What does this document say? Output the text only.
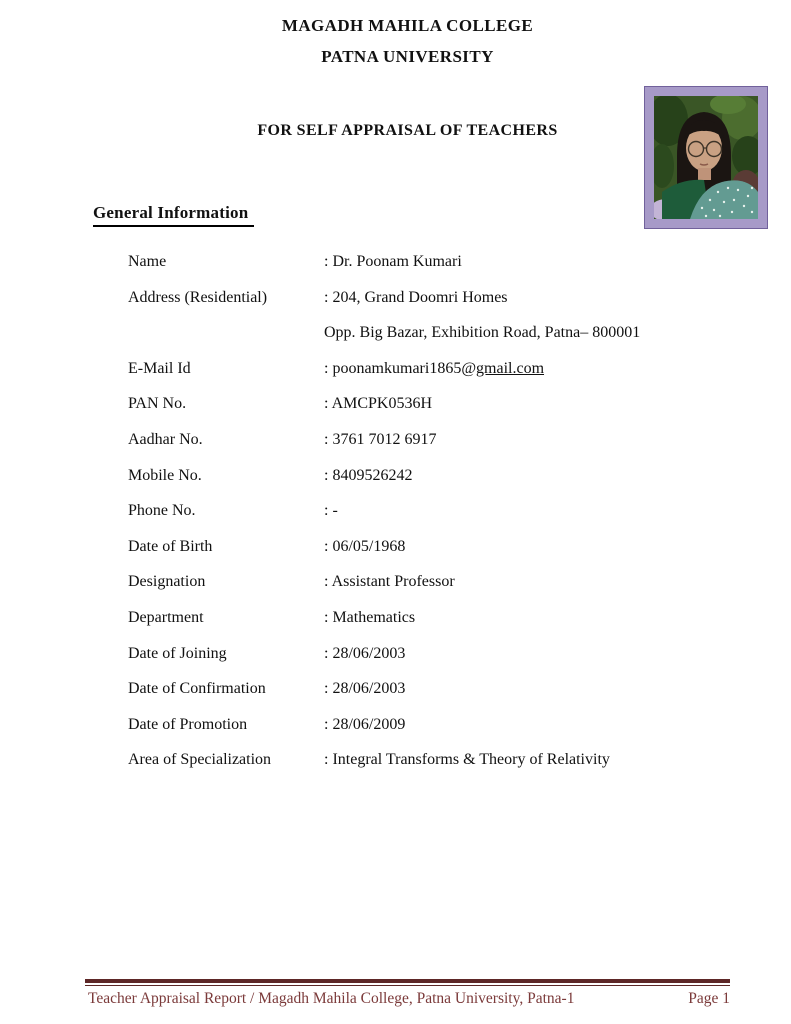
MAGADH MAHILA COLLEGE
PATNA UNIVERSITY
FOR SELF APPRAISAL OF TEACHERS
General Information
Name	: Dr. Poonam Kumari
Address (Residential)	: 204, Grand Doomri Homes
Opp. Big Bazar, Exhibition Road, Patna– 800001
E-Mail Id	: poonamkumari1865@gmail.com
PAN No.	: AMCPK0536H
Aadhar No.	: 3761 7012 6917
Mobile No.	: 8409526242
Phone No.	: -
Date of Birth	: 06/05/1968
Designation	: Assistant Professor
Department	: Mathematics
Date of Joining	: 28/06/2003
Date of Confirmation	: 28/06/2003
Date of Promotion	: 28/06/2009
Area of Specialization	: Integral Transforms & Theory of Relativity
Teacher Appraisal Report / Magadh Mahila College, Patna University, Patna-1	Page 1
